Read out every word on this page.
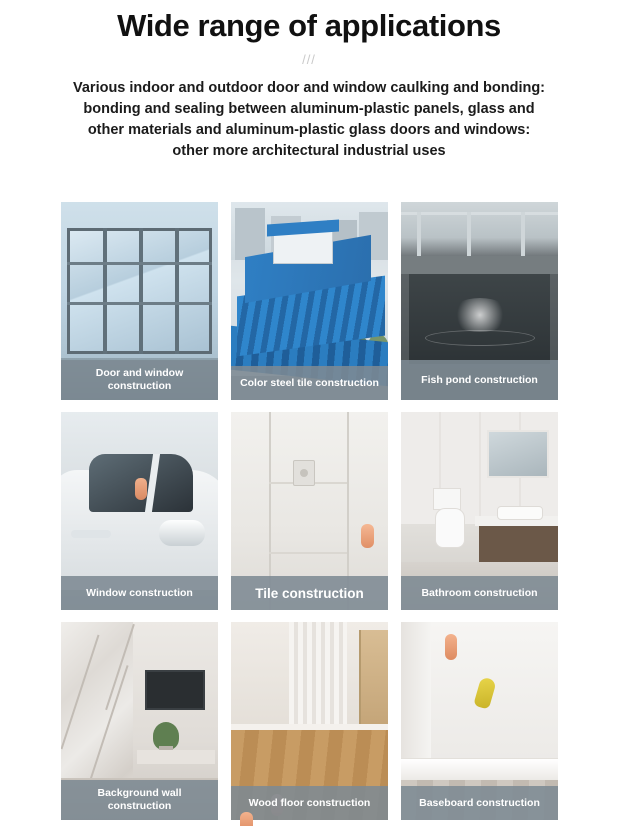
Wide range of applications
///

Various indoor and outdoor door and window caulking and bonding: bonding and sealing between aluminum-plastic panels, glass and other materials and aluminum-plastic glass doors and windows: other more architectural industrial uses

Door and window construction	Color steel tile construction	Fish pond construction
Window construction	Tile construction	Bathroom construction
Background wall construction	Wood floor construction	Baseboard construction
